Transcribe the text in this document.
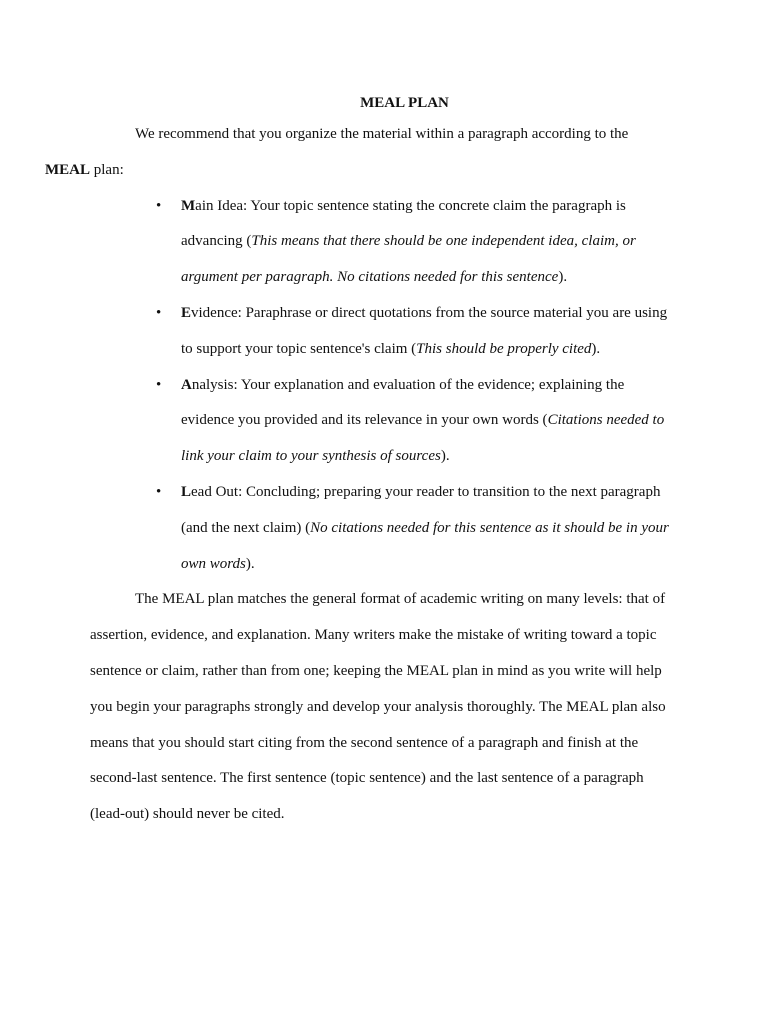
MEAL PLAN

We recommend that you organize the material within a paragraph according to the
MEAL plan:

• Main Idea: Your topic sentence stating the concrete claim the paragraph is advancing (This means that there should be one independent idea, claim, or argument per paragraph. No citations needed for this sentence).
• Evidence: Paraphrase or direct quotations from the source material you are using to support your topic sentence's claim (This should be properly cited).
• Analysis: Your explanation and evaluation of the evidence; explaining the evidence you provided and its relevance in your own words (Citations needed to link your claim to your synthesis of sources).
• Lead Out: Concluding; preparing your reader to transition to the next paragraph (and the next claim) (No citations needed for this sentence as it should be in your own words).

The MEAL plan matches the general format of academic writing on many levels: that of assertion, evidence, and explanation. Many writers make the mistake of writing toward a topic sentence or claim, rather than from one; keeping the MEAL plan in mind as you write will help you begin your paragraphs strongly and develop your analysis thoroughly. The MEAL plan also means that you should start citing from the second sentence of a paragraph and finish at the second-last sentence. The first sentence (topic sentence) and the last sentence of a paragraph (lead-out) should never be cited.
